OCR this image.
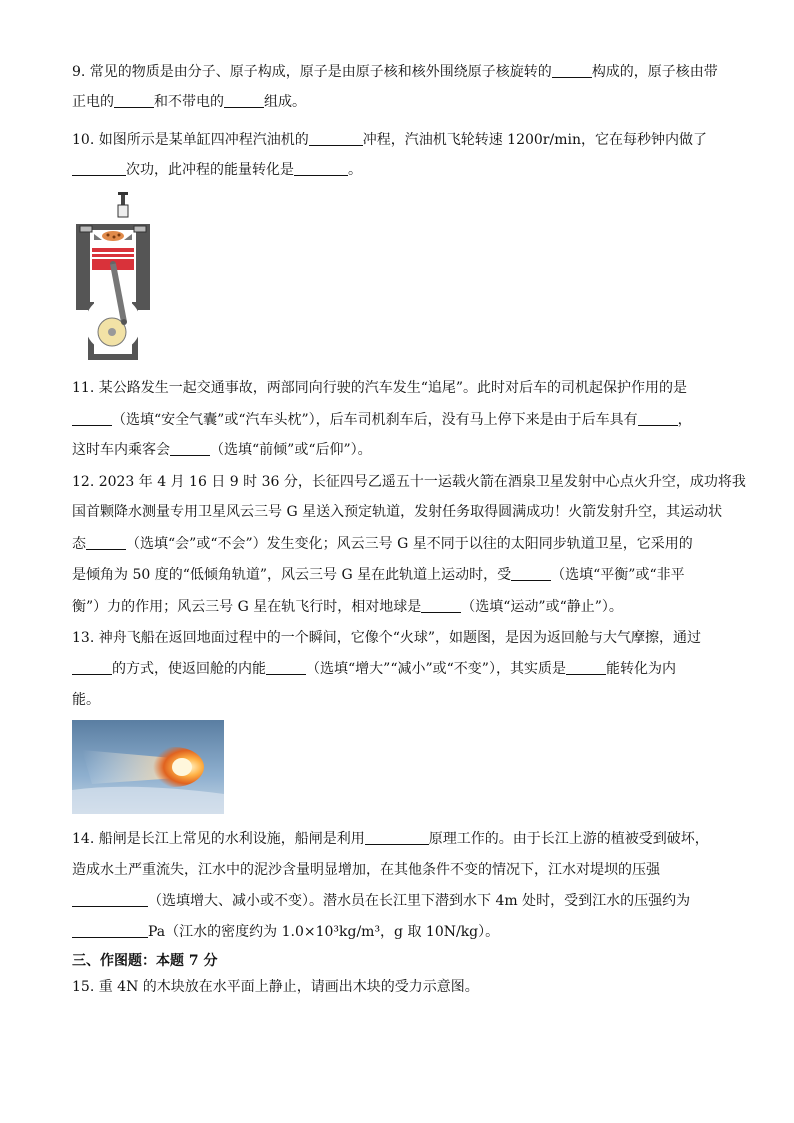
9. 常见的物质是由分子、原子构成，原子是由原子核和核外围绕原子核旋转的	构成的，原子核由带
正电的	和不带电的	组成。
10. 如图所示是某单缸四冲程汽油机的	冲程，汽油机飞轮转速 1200r/min，它在每秒钟内做了
次功，此冲程的能量转化是	。
11. 某公路发生一起交通事故，两部同向行驶的汽车发生“追尾”。此时对后车的司机起保护作用的是
（选填“安全气囊”或“汽车头枕”），后车司机刹车后，没有马上停下来是由于后车具有	，
这时车内乘客会	（选填“前倾”或“后仰”）。
12. 2023 年 4 月 16 日 9 时 36 分，长征四号乙遥五十一运载火箭在酒泉卫星发射中心点火升空，成功将我
国首颗降水测量专用卫星风云三号 G 星送入预定轨道，发射任务取得圆满成功！火箭发射升空，其运动状
态	（选填“会”或“不会”）发生变化；风云三号 G 星不同于以往的太阳同步轨道卫星，它采用的
是倾角为 50 度的“低倾角轨道”，风云三号 G 星在此轨道上运动时，受	（选填“平衡”或“非平
衡”）力的作用；风云三号 G 星在轨飞行时，相对地球是	（选填“运动”或“静止”）。
13. 神舟飞船在返回地面过程中的一个瞬间，它像个“火球”，如题图，是因为返回舱与大气摩擦，通过
的方式，使返回舱的内能	（选填“增大”“减小”或“不变”），其实质是	能转化为内
能。
14. 船闸是长江上常见的水利设施，船闸是利用	原理工作的。由于长江上游的植被受到破坏，
造成水土严重流失，江水中的泥沙含量明显增加，在其他条件不变的情况下，江水对堤坝的压强
（选填增大、减小或不变）。潜水员在长江里下潜到水下 4m 处时，受到江水的压强约为
Pa（江水的密度约为 1.0×10³kg/m³，g 取 10N/kg）。
三、作图题：本题 7 分
15. 重 4N 的木块放在水平面上静止，请画出木块的受力示意图。
